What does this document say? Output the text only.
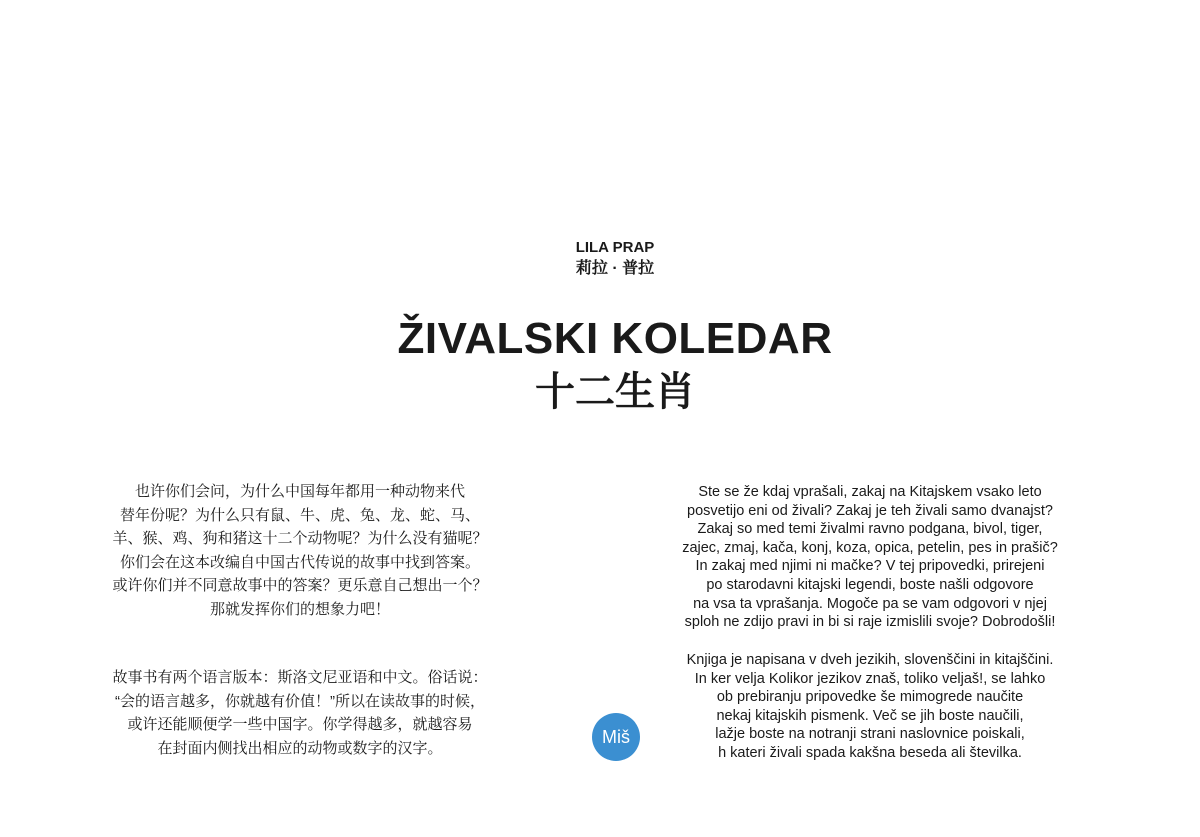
LILA PRAP

莉拉 · 普拉

ŽIVALSKI KOLEDAR
十二生肖
也许你们会问，为什么中国每年都用一种动物来代
替年份呢？为什么只有鼠、牛、虎、兔、龙、蛇、马、
羊、猴、鸡、狗和猪这十二个动物呢？为什么没有猫呢？
你们会在这本改编自中国古代传说的故事中找到答案。
或许你们并不同意故事中的答案？更乐意自己想出一个？
那就发挥你们的想象力吧！
故事书有两个语言版本：斯洛文尼亚语和中文。俗话说：
“会的语言越多，你就越有价值！”所以在读故事的时候，
或许还能顺便学一些中国字。你学得越多，就越容易
在封面内侧找出相应的动物或数字的汉字。
Ste se že kdaj vprašali, zakaj na Kitajskem vsako leto
posvetijo eni od živali? Zakaj je teh živali samo dvanajst?
Zakaj so med temi živalmi ravno podgana, bivol, tiger,
zajec, zmaj, kača, konj, koza, opica, petelin, pes in prašič?
In zakaj med njimi ni mačke? V tej pripovedki, prirejeni
po starodavni kitajski legendi, boste našli odgovore
na vsa ta vprašanja. Mogoče pa se vam odgovori v njej
sploh ne zdijo pravi in bi si raje izmislili svoje? Dobrodošli!
Knjiga je napisana v dveh jezikih, slovenščini in kitajščini.
In ker velja Kolikor jezikov znaš, toliko veljaš!, se lahko
ob prebiranju pripovedke še mimogrede naučite
nekaj kitajskih pismenk. Več se jih boste naučili,
lažje boste na notranji strani naslovnice poiskali,
h kateri živali spada kakšna beseda ali številka.
Miš
